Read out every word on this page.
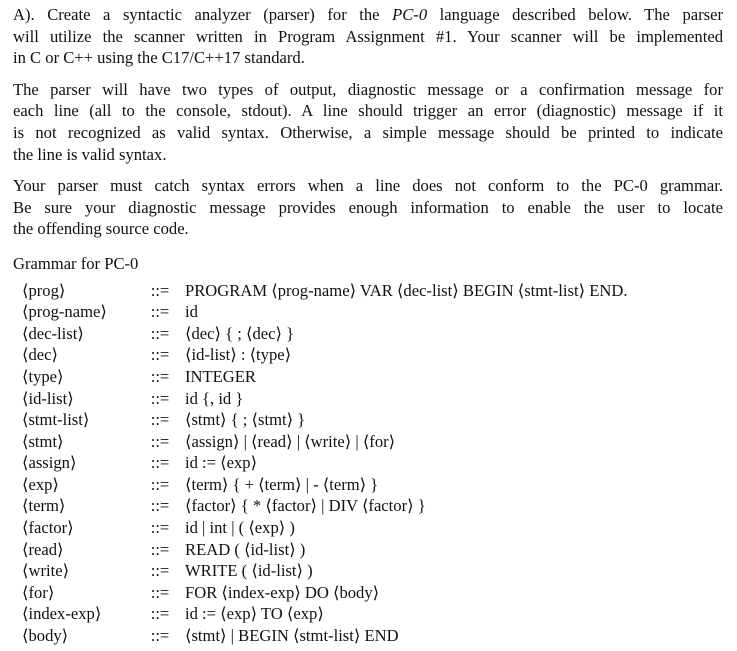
A). Create a syntactic analyzer (parser) for the PC-0 language described below. The parser
will utilize the scanner written in Program Assignment #1. Your scanner will be implemented
in C or C++ using the C17/C++17 standard.

The parser will have two types of output, diagnostic message or a confirmation message for
each line (all to the console, stdout). A line should trigger an error (diagnostic) message if it
is not recognized as valid syntax. Otherwise, a simple message should be printed to indicate
the line is valid syntax.

Your parser must catch syntax errors when a line does not conform to the PC-0 grammar.
Be sure your diagnostic message provides enough information to enable the user to locate
the offending source code.

Grammar for PC-0
⟨prog⟩	::= PROGRAM ⟨prog-name⟩ VAR ⟨dec-list⟩ BEGIN ⟨stmt-list⟩ END.
⟨prog-name⟩	::= id
⟨dec-list⟩	::= ⟨dec⟩ { ; ⟨dec⟩ }
⟨dec⟩	::= ⟨id-list⟩ : ⟨type⟩
⟨type⟩	::= INTEGER
⟨id-list⟩	::= id {, id }
⟨stmt-list⟩	::= ⟨stmt⟩ { ; ⟨stmt⟩ }
⟨stmt⟩	::= ⟨assign⟩ | ⟨read⟩ | ⟨write⟩ | ⟨for⟩
⟨assign⟩	::= id := ⟨exp⟩
⟨exp⟩	::= ⟨term⟩ { + ⟨term⟩ | - ⟨term⟩ }
⟨term⟩	::= ⟨factor⟩ { * ⟨factor⟩ | DIV ⟨factor⟩ }
⟨factor⟩	::= id | int | ( ⟨exp⟩ )
⟨read⟩	::= READ ( ⟨id-list⟩ )
⟨write⟩	::= WRITE ( ⟨id-list⟩ )
⟨for⟩	::= FOR ⟨index-exp⟩ DO ⟨body⟩
⟨index-exp⟩	::= id := ⟨exp⟩ TO ⟨exp⟩
⟨body⟩	::= ⟨stmt⟩ | BEGIN ⟨stmt-list⟩ END
